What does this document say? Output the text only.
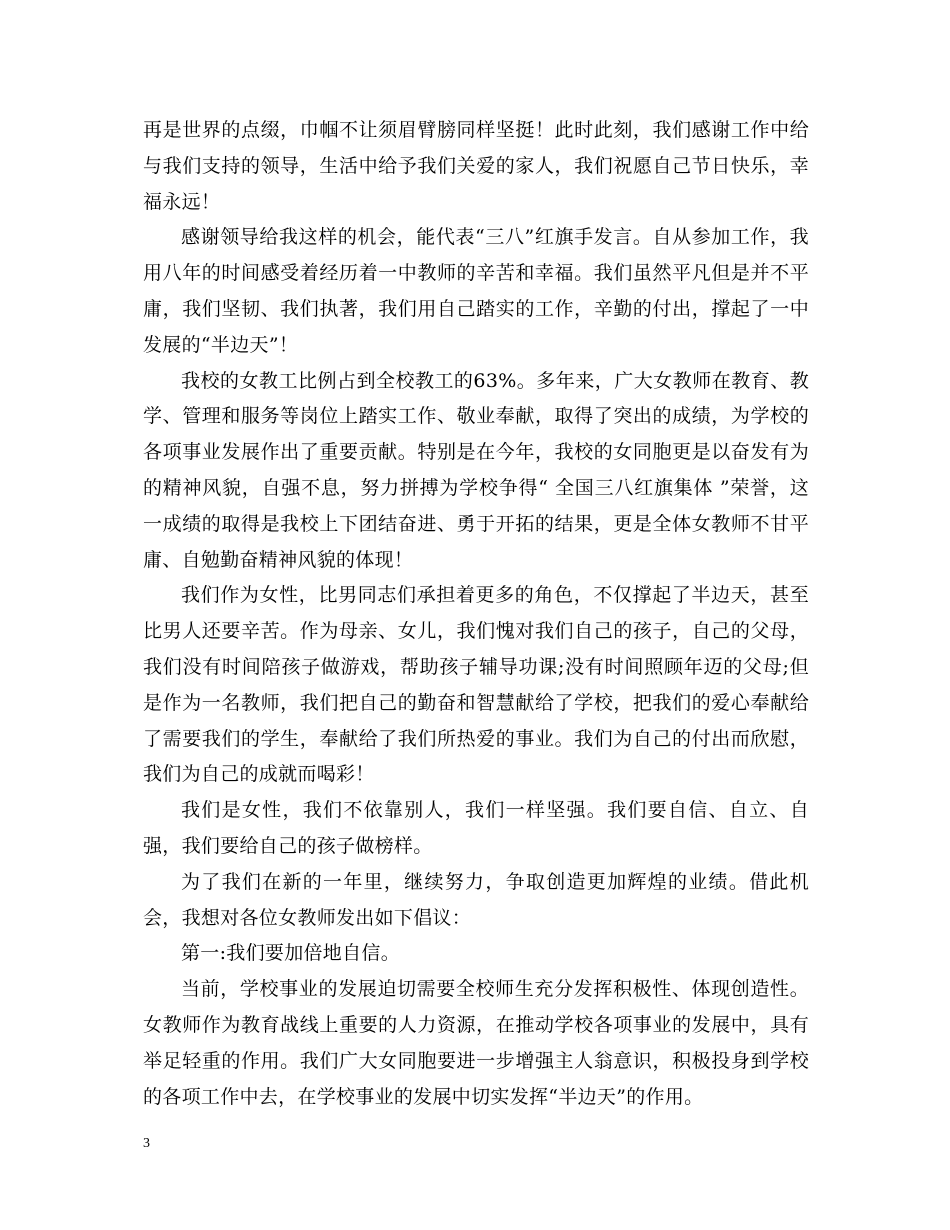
再是世界的点缀，巾帼不让须眉臂膀同样坚挺！此时此刻，我们感谢工作中给与我们支持的领导，生活中给予我们关爱的家人，我们祝愿自己节日快乐，幸福永远！

感谢领导给我这样的机会，能代表“三八”红旗手发言。自从参加工作，我用八年的时间感受着经历着一中教师的辛苦和幸福。我们虽然平凡但是并不平庸，我们坚韧、我们执著，我们用自己踏实的工作，辛勤的付出，撑起了一中发展的“半边天”！

我校的女教工比例占到全校教工的63%。多年来，广大女教师在教育、教学、管理和服务等岗位上踏实工作、敬业奉献，取得了突出的成绩，为学校的各项事业发展作出了重要贡献。特别是在今年，我校的女同胞更是以奋发有为的精神风貌，自强不息，努力拼搏为学校争得“ 全国三八红旗集体 ”荣誉，这一成绩的取得是我校上下团结奋进、勇于开拓的结果，更是全体女教师不甘平庸、自勉勤奋精神风貌的体现！

我们作为女性，比男同志们承担着更多的角色，不仅撑起了半边天，甚至比男人还要辛苦。作为母亲、女儿，我们愧对我们自己的孩子，自己的父母，我们没有时间陪孩子做游戏，帮助孩子辅导功课;没有时间照顾年迈的父母;但是作为一名教师，我们把自己的勤奋和智慧献给了学校，把我们的爱心奉献给了需要我们的学生，奉献给了我们所热爱的事业。我们为自己的付出而欣慰，我们为自己的成就而喝彩！

我们是女性，我们不依靠别人，我们一样坚强。我们要自信、自立、自强，我们要给自己的孩子做榜样。

为了我们在新的一年里，继续努力，争取创造更加辉煌的业绩。借此机会，我想对各位女教师发出如下倡议：

第一:我们要加倍地自信。

当前，学校事业的发展迫切需要全校师生充分发挥积极性、体现创造性。女教师作为教育战线上重要的人力资源，在推动学校各项事业的发展中，具有举足轻重的作用。我们广大女同胞要进一步增强主人翁意识，积极投身到学校的各项工作中去，在学校事业的发展中切实发挥“半边天”的作用。

3
